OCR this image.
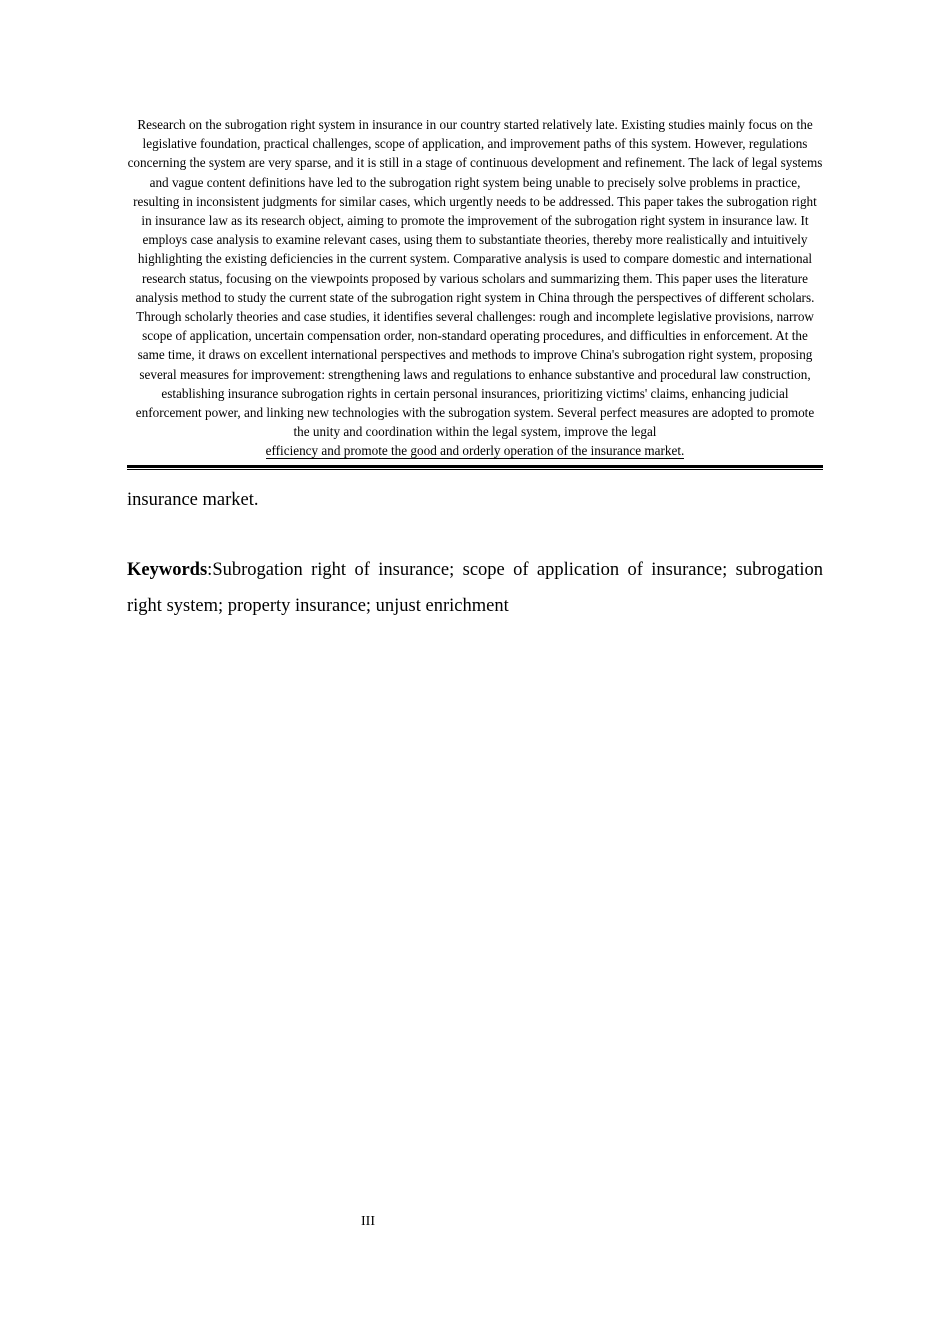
Research on the subrogation right system in insurance in our country started relatively late. Existing studies mainly focus on the legislative foundation, practical challenges, scope of application, and improvement paths of this system. However, regulations concerning the system are very sparse, and it is still in a stage of continuous development and refinement. The lack of legal systems and vague content definitions have led to the subrogation right system being unable to precisely solve problems in practice, resulting in inconsistent judgments for similar cases, which urgently needs to be addressed. This paper takes the subrogation right in insurance law as its research object, aiming to promote the improvement of the subrogation right system in insurance law. It employs case analysis to examine relevant cases, using them to substantiate theories, thereby more realistically and intuitively highlighting the existing deficiencies in the current system. Comparative analysis is used to compare domestic and international research status, focusing on the viewpoints proposed by various scholars and summarizing them. This paper uses the literature analysis method to study the current state of the subrogation right system in China through the perspectives of different scholars. Through scholarly theories and case studies, it identifies several challenges: rough and incomplete legislative provisions, narrow scope of application, uncertain compensation order, non-standard operating procedures, and difficulties in enforcement. At the same time, it draws on excellent international perspectives and methods to improve China's subrogation right system, proposing several measures for improvement: strengthening laws and regulations to enhance substantive and procedural law construction, establishing insurance subrogation rights in certain personal insurances, prioritizing victims' claims, enhancing judicial enforcement power, and linking new technologies with the subrogation system. Several perfect measures are adopted to promote the unity and coordination within the legal system, improve the legal
efficiency and promote the good and orderly operation of the insurance market.

insurance market.

Keywords:Subrogation right of insurance; scope of application of insurance; subrogation right system; property insurance; unjust enrichment

III
